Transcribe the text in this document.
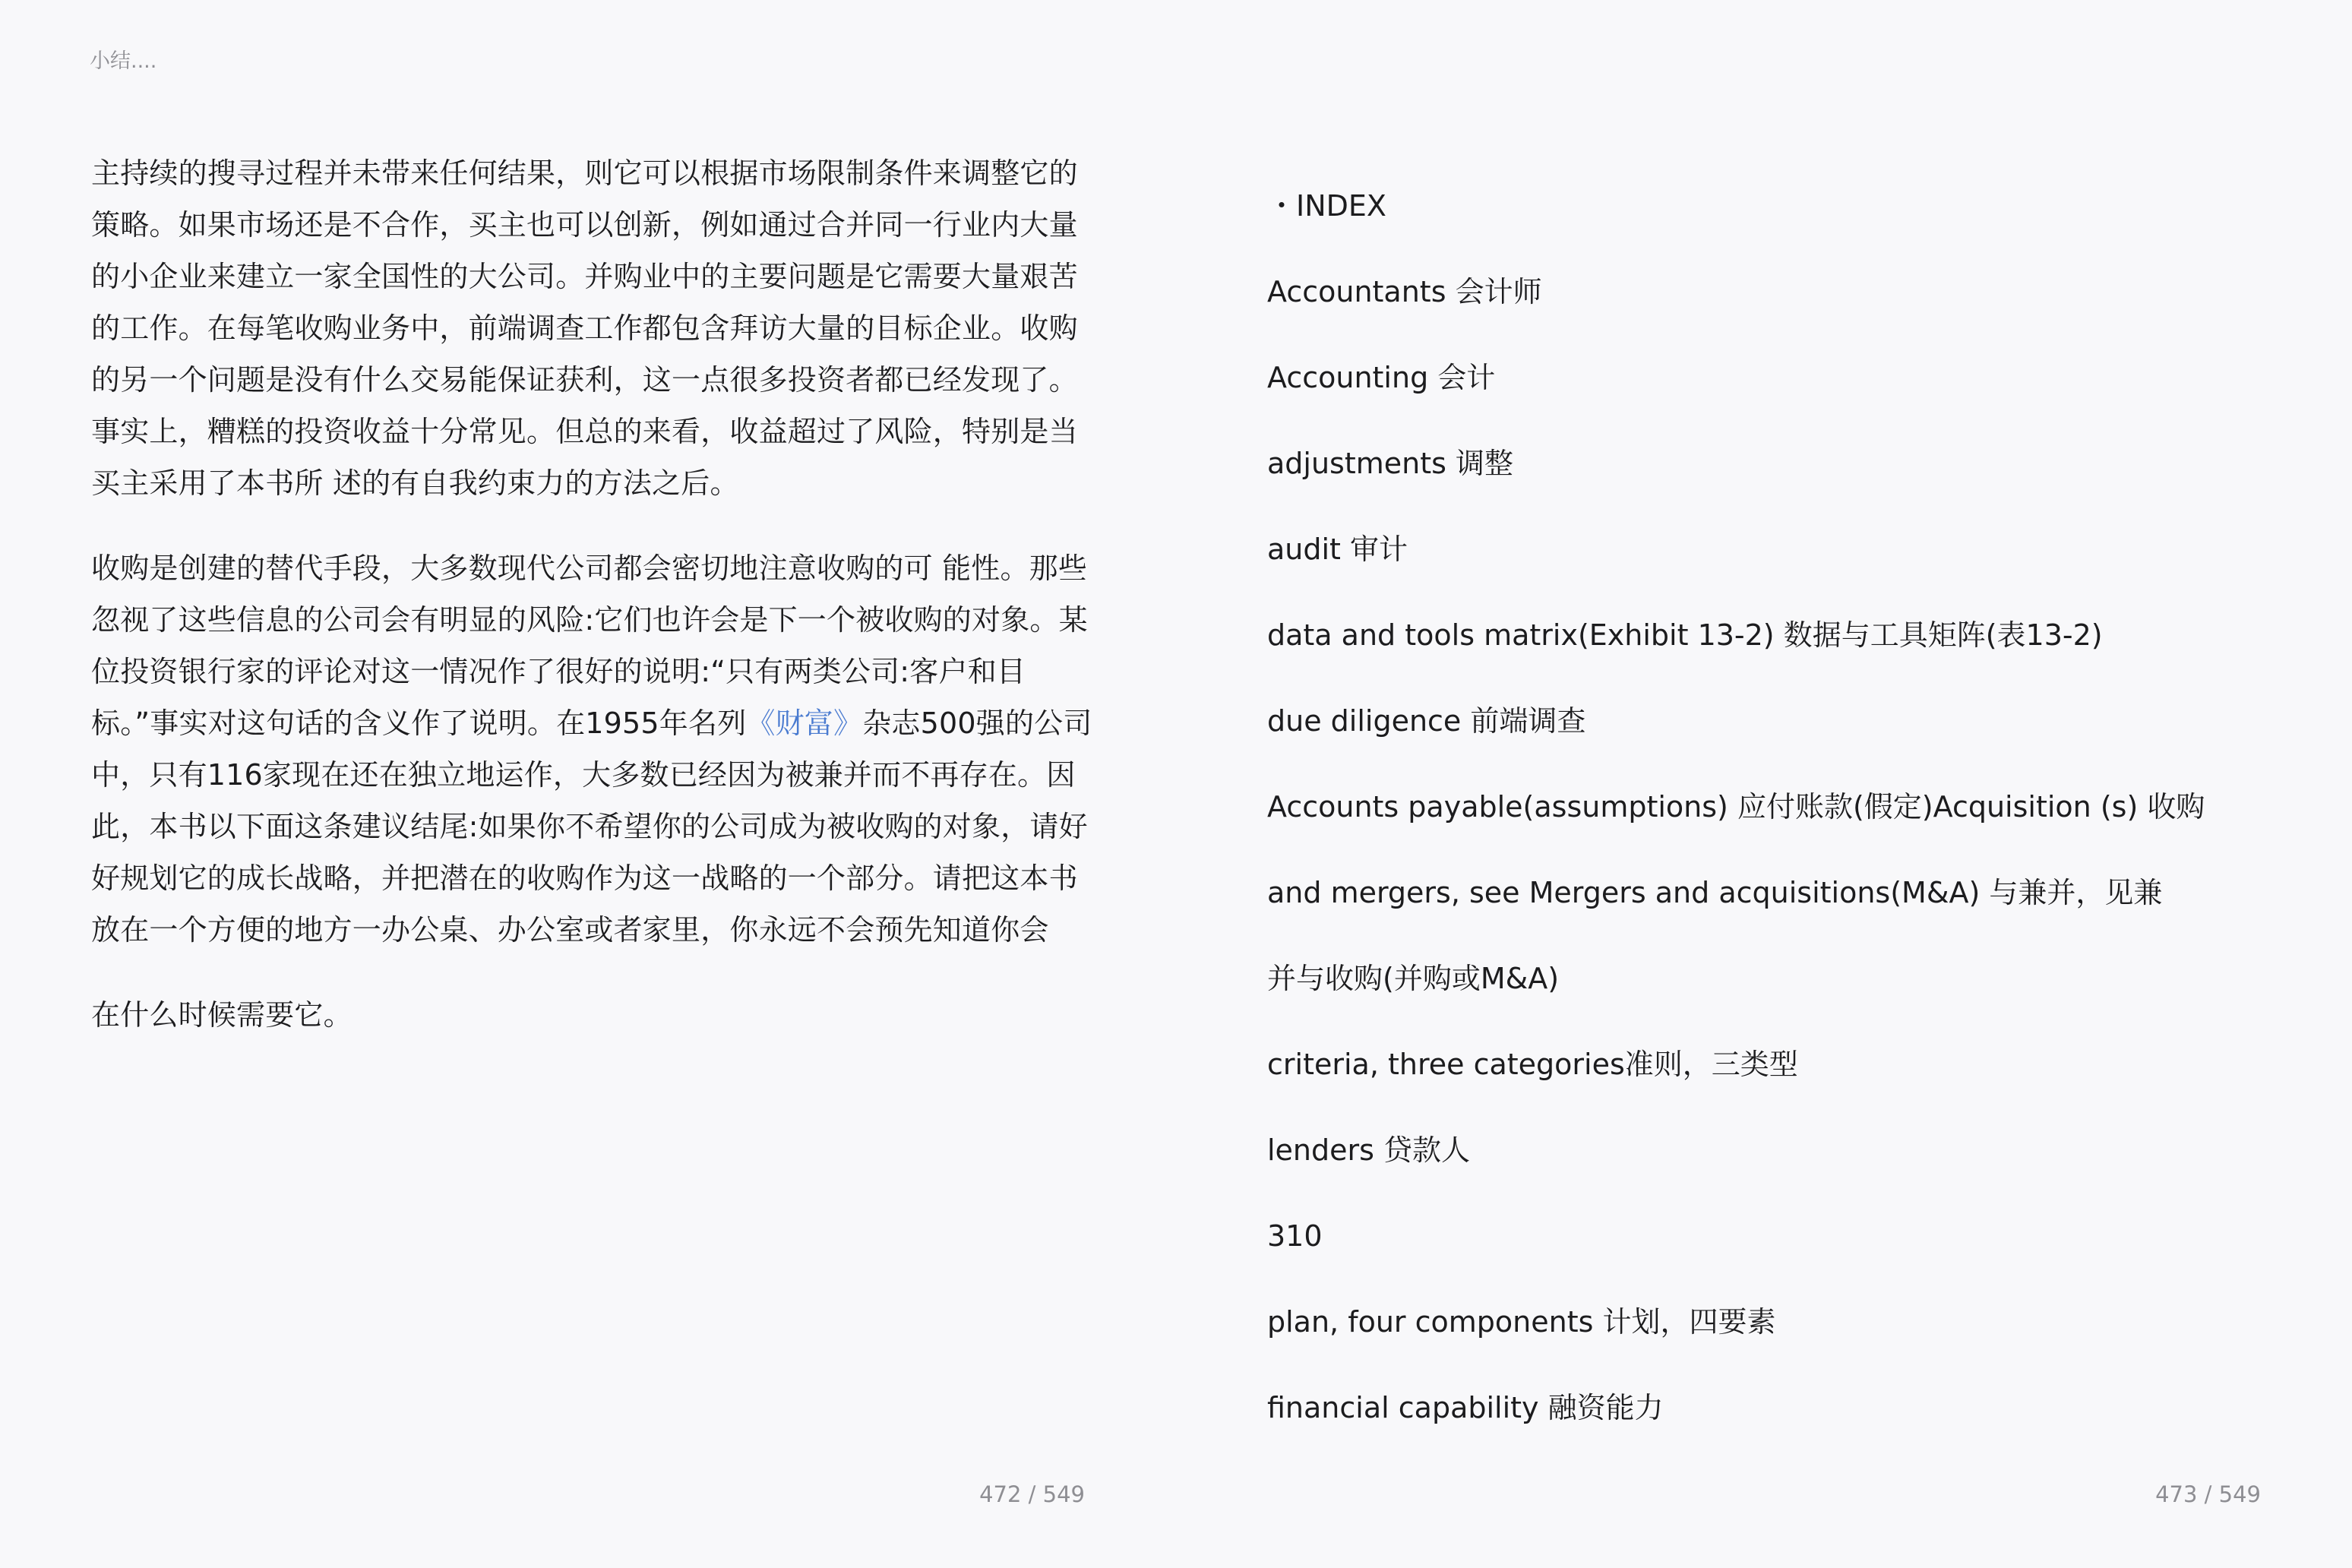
小结....

主持续的搜寻过程并未带来任何结果，则它可以根据市场限制条件来调整它的策略。如果市场还是不合作，买主也可以创新，例如通过合并同一行业内大量的小企业来建立一家全国性的大公司。并购业中的主要问题是它需要大量艰苦的工作。在每笔收购业务中，前端调查工作都包含拜访大量的目标企业。收购的另一个问题是没有什么交易能保证获利，这一点很多投资者都已经发现了。事实上，糟糕的投资收益十分常见。但总的来看，收益超过了风险，特别是当买主采用了本书所 述的有自我约束力的方法之后。

收购是创建的替代手段，大多数现代公司都会密切地注意收购的可 能性。那些忽视了这些信息的公司会有明显的风险:它们也许会是下一个被收购的对象。某位投资银行家的评论对这一情况作了很好的说明:“只有两类公司:客户和目标。”事实对这句话的含义作了说明。在1955年名列《财富》杂志500强的公司中，只有116家现在还在独立地运作，大多数已经因为被兼并而不再存在。因此，本书以下面这条建议结尾:如果你不希望你的公司成为被收购的对象，请好好规划它的成长战略，并把潜在的收购作为这一战略的一个部分。请把这本书放在一个方便的地方一办公桌、办公室或者家里，你永远不会预先知道你会

在什么时候需要它。

472 / 549
・INDEX
Accountants 会计师
Accounting 会计
adjustments 调整
audit 审计
data and tools matrix(Exhibit 13-2) 数据与工具矩阵(表13-2)
due diligence 前端调查
Accounts payable(assumptions) 应付账款(假定)Acquisition (s) 收购
and mergers, see Mergers and acquisitions(M&A) 与兼并，见兼
并与收购(并购或M&A)
criteria, three categories准则，三类型
lenders 贷款人
310
plan, four components 计划，四要素
financial capability 融资能力
473 / 549
